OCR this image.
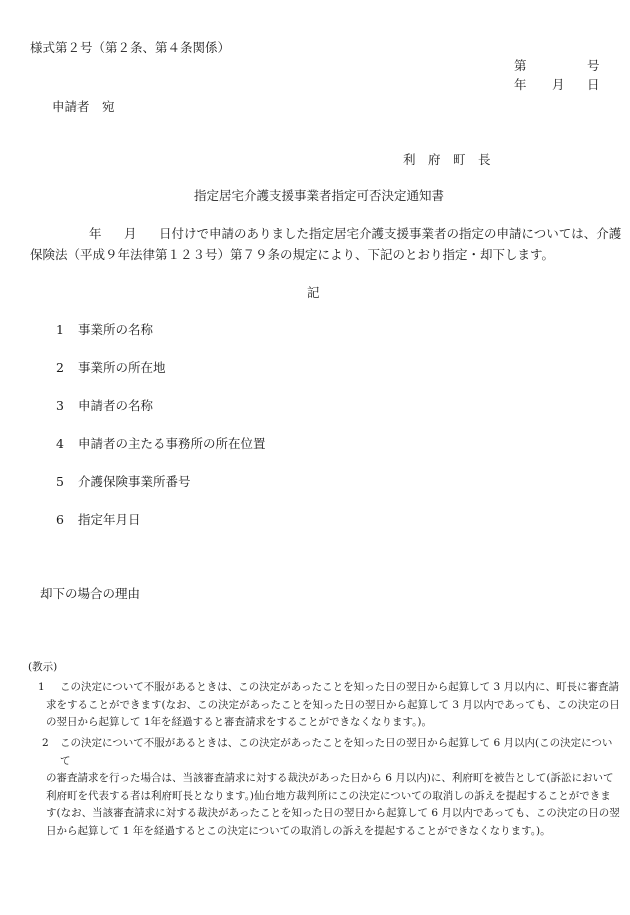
様式第２号（第２条、第４条関係）
第	号
年 月 日
申請者　宛
利　府　町　長
指定居宅介護支援事業者指定可否決定通知書
年 月 日付けで申請のありました指定居宅介護支援事業者の指定の申請については、介護
保険法（平成９年法律第１２３号）第７９条の規定により、下記のとおり指定・却下します。
記
1 事業所の名称
2 事業所の所在地
3 申請者の名称
4 申請者の主たる事務所の所在位置
5 介護保険事業所番号
6 指定年月日
却下の場合の理由
(教示)
1 この決定について不服があるときは、この決定があったことを知った日の翌日から起算して 3 月以内に、町長に審査請
求をすることができます(なお、この決定があったことを知った日の翌日から起算して 3 月以内であっても、この決定の日
の翌日から起算して 1年を経過すると審査請求をすることができなくなります。)。
2 この決定について不服があるときは、この決定があったことを知った日の翌日から起算して 6 月以内(この決定について
の審査請求を行った場合は、当該審査請求に対する裁決があった日から 6 月以内)に、利府町を被告として(訴訟において
利府町を代表する者は利府町長となります。)仙台地方裁判所にこの決定についての取消しの訴えを提起することができま
す(なお、当該審査請求に対する裁決があったことを知った日の翌日から起算して 6 月以内であっても、この決定の日の翌
日から起算して 1 年を経過するとこの決定についての取消しの訴えを提起することができなくなります。)。
